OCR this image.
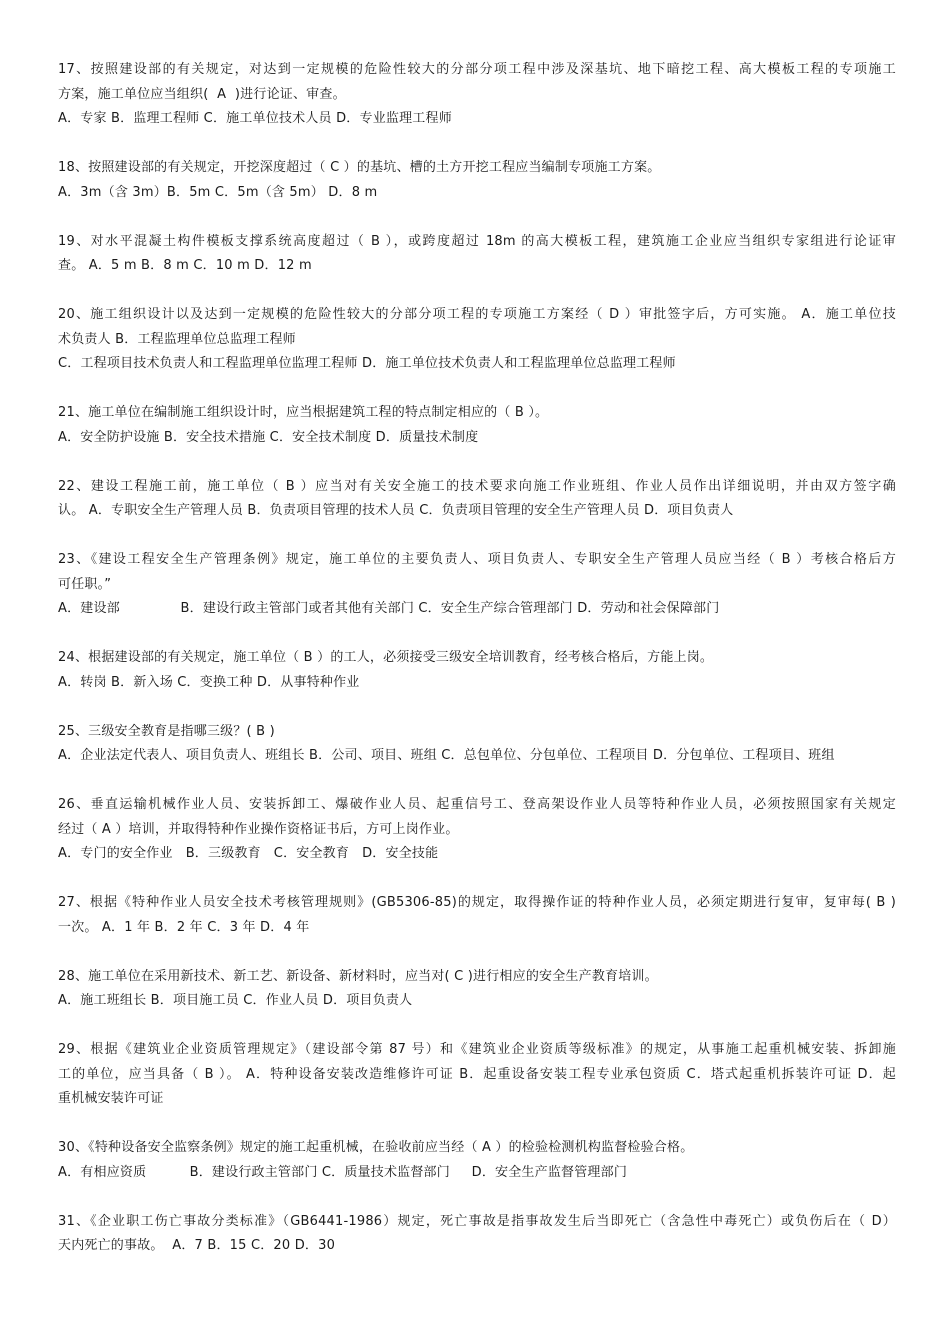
17、按照建设部的有关规定，对达到一定规模的危险性较大的分部分项工程中涉及深基坑、地下暗挖工程、高大模板工程的专项施工
方案，施工单位应当组织(  A  )进行论证、审查。
A．专家 B．监理工程师 C．施工单位技术人员 D．专业监理工程师
18、按照建设部的有关规定，开挖深度超过（ C ）的基坑、槽的土方开挖工程应当编制专项施工方案。
A．3m（含 3m）B．5m C．5m（含 5m） D．8 m
19、对水平混凝土构件模板支撑系统高度超过（ B ），或跨度超过 18m 的高大模板工程，建筑施工企业应当组织专家组进行论证审
查。 A．5 m B．8 m C．10 m D．12 m
20、施工组织设计以及达到一定规模的危险性较大的分部分项工程的专项施工方案经（ D ）审批签字后，方可实施。 A．施工单位技
术负责人 B．工程监理单位总监理工程师
C．工程项目技术负责人和工程监理单位监理工程师 D．施工单位技术负责人和工程监理单位总监理工程师
21、施工单位在编制施工组织设计时，应当根据建筑工程的特点制定相应的（ B ）。
A．安全防护设施 B．安全技术措施 C．安全技术制度 D．质量技术制度
22、建设工程施工前，施工单位（ B ）应当对有关安全施工的技术要求向施工作业班组、作业人员作出详细说明，并由双方签字确
认。 A．专职安全生产管理人员 B．负责项目管理的技术人员 C．负责项目管理的安全生产管理人员 D．项目负责人
23、《建设工程安全生产管理条例》规定，施工单位的主要负责人、项目负责人、专职安全生产管理人员应当经（ B ）考核合格后方
可任职。”
A．建设部              B．建设行政主管部门或者其他有关部门 C．安全生产综合管理部门 D．劳动和社会保障部门
24、根据建设部的有关规定，施工单位（ B ）的工人，必须接受三级安全培训教育，经考核合格后，方能上岗。
A．转岗 B．新入场 C．变换工种 D．从事特种作业
25、三级安全教育是指哪三级？( B )
A．企业法定代表人、项目负责人、班组长 B．公司、项目、班组 C．总包单位、分包单位、工程项目 D．分包单位、工程项目、班组
26、垂直运输机械作业人员、安装拆卸工、爆破作业人员、起重信号工、登高架设作业人员等特种作业人员，必须按照国家有关规定
经过（ A ）培训，并取得特种作业操作资格证书后，方可上岗作业。
A．专门的安全作业   B．三级教育   C．安全教育   D．安全技能
27、根据《特种作业人员安全技术考核管理规则》(GB5306-85)的规定，取得操作证的特种作业人员，必须定期进行复审，复审每( B )
一次。 A．1 年 B．2 年 C．3 年 D．4 年
28、施工单位在采用新技术、新工艺、新设备、新材料时，应当对( C )进行相应的安全生产教育培训。
A．施工班组长 B．项目施工员 C．作业人员 D．项目负责人
29、根据《建筑业企业资质管理规定》（建设部令第 87 号）和《建筑业企业资质等级标准》的规定，从事施工起重机械安装、拆卸施
工的单位，应当具备（ B ）。 A．特种设备安装改造维修许可证 B．起重设备安装工程专业承包资质 C．塔式起重机拆装许可证 D．起
重机械安装许可证
30、《特种设备安全监察条例》规定的施工起重机械，在验收前应当经（ A ）的检验检测机构监督检验合格。
A．有相应资质          B．建设行政主管部门 C．质量技术监督部门     D．安全生产监督管理部门
31、《企业职工伤亡事故分类标准》（GB6441-1986）规定，死亡事故是指事故发生后当即死亡（含急性中毒死亡）或负伤后在（ D）
天内死亡的事故。  A．7 B．15 C．20 D．30
